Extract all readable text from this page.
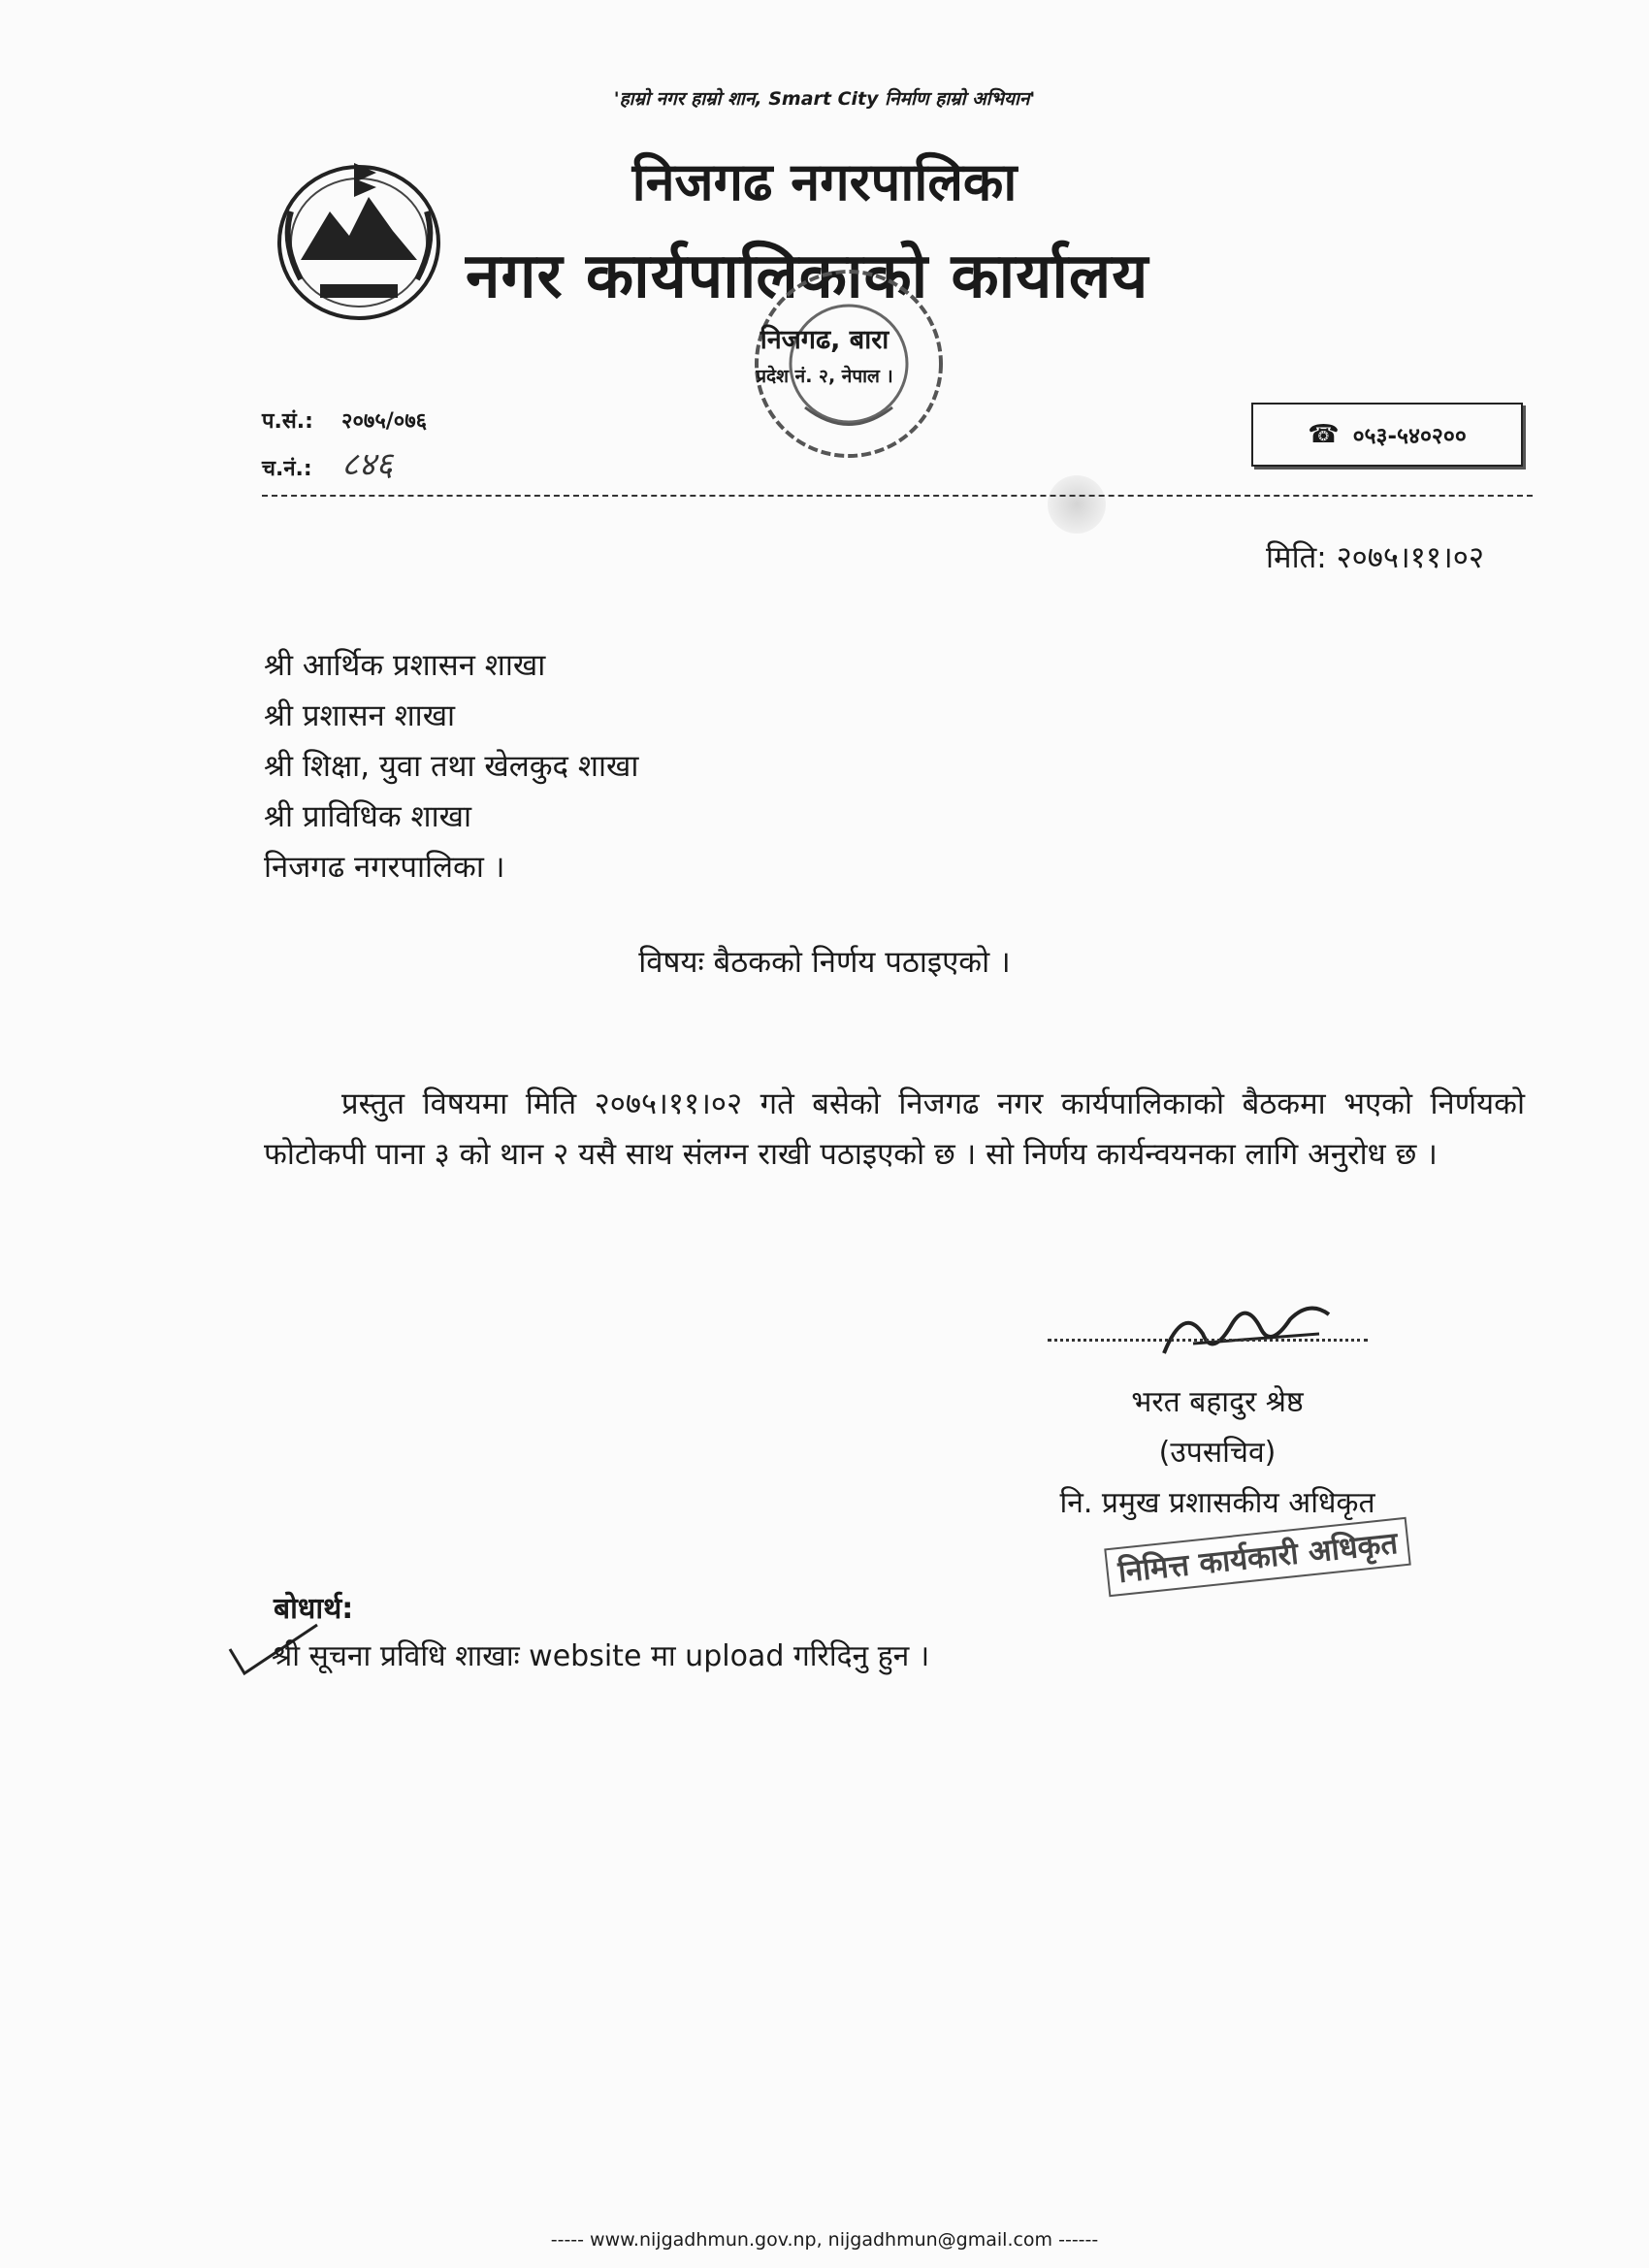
'हाम्रो नगर हाम्रो शान, Smart City निर्माण हाम्रो अभियान'
निजगढ नगरपालिका
नगर कार्यपालिकाको कार्यालय
निजगढ, बारा
प्रदेश नं. २, नेपाल ।
प.सं.: २०७५/०७६
च.नं.: ८४६
☎ ०५३-५४०२००
मिति: २०७५।११।०२
श्री आर्थिक प्रशासन शाखा
श्री प्रशासन शाखा
श्री शिक्षा, युवा तथा खेलकुद शाखा
श्री प्राविधिक शाखा
निजगढ नगरपालिका ।
विषयः बैठकको निर्णय पठाइएको ।
प्रस्तुत विषयमा मिति २०७५।११।०२ गते बसेको निजगढ नगर कार्यपालिकाको बैठकमा भएको निर्णयको फोटोकपी पाना ३ को थान २ यसै साथ संलग्न राखी पठाइएको छ । सो निर्णय कार्यन्वयनका लागि अनुरोध छ ।
भरत बहादुर श्रेष्ठ
(उपसचिव)
नि. प्रमुख प्रशासकीय अधिकृत
निमित्त कार्यकारी अधिकृत
बोधार्थ:
श्री सूचना प्रविधि शाखाः website मा upload गरिदिनु हुन ।
----- www.nijgadhmun.gov.np, nijgadhmun@gmail.com ------
